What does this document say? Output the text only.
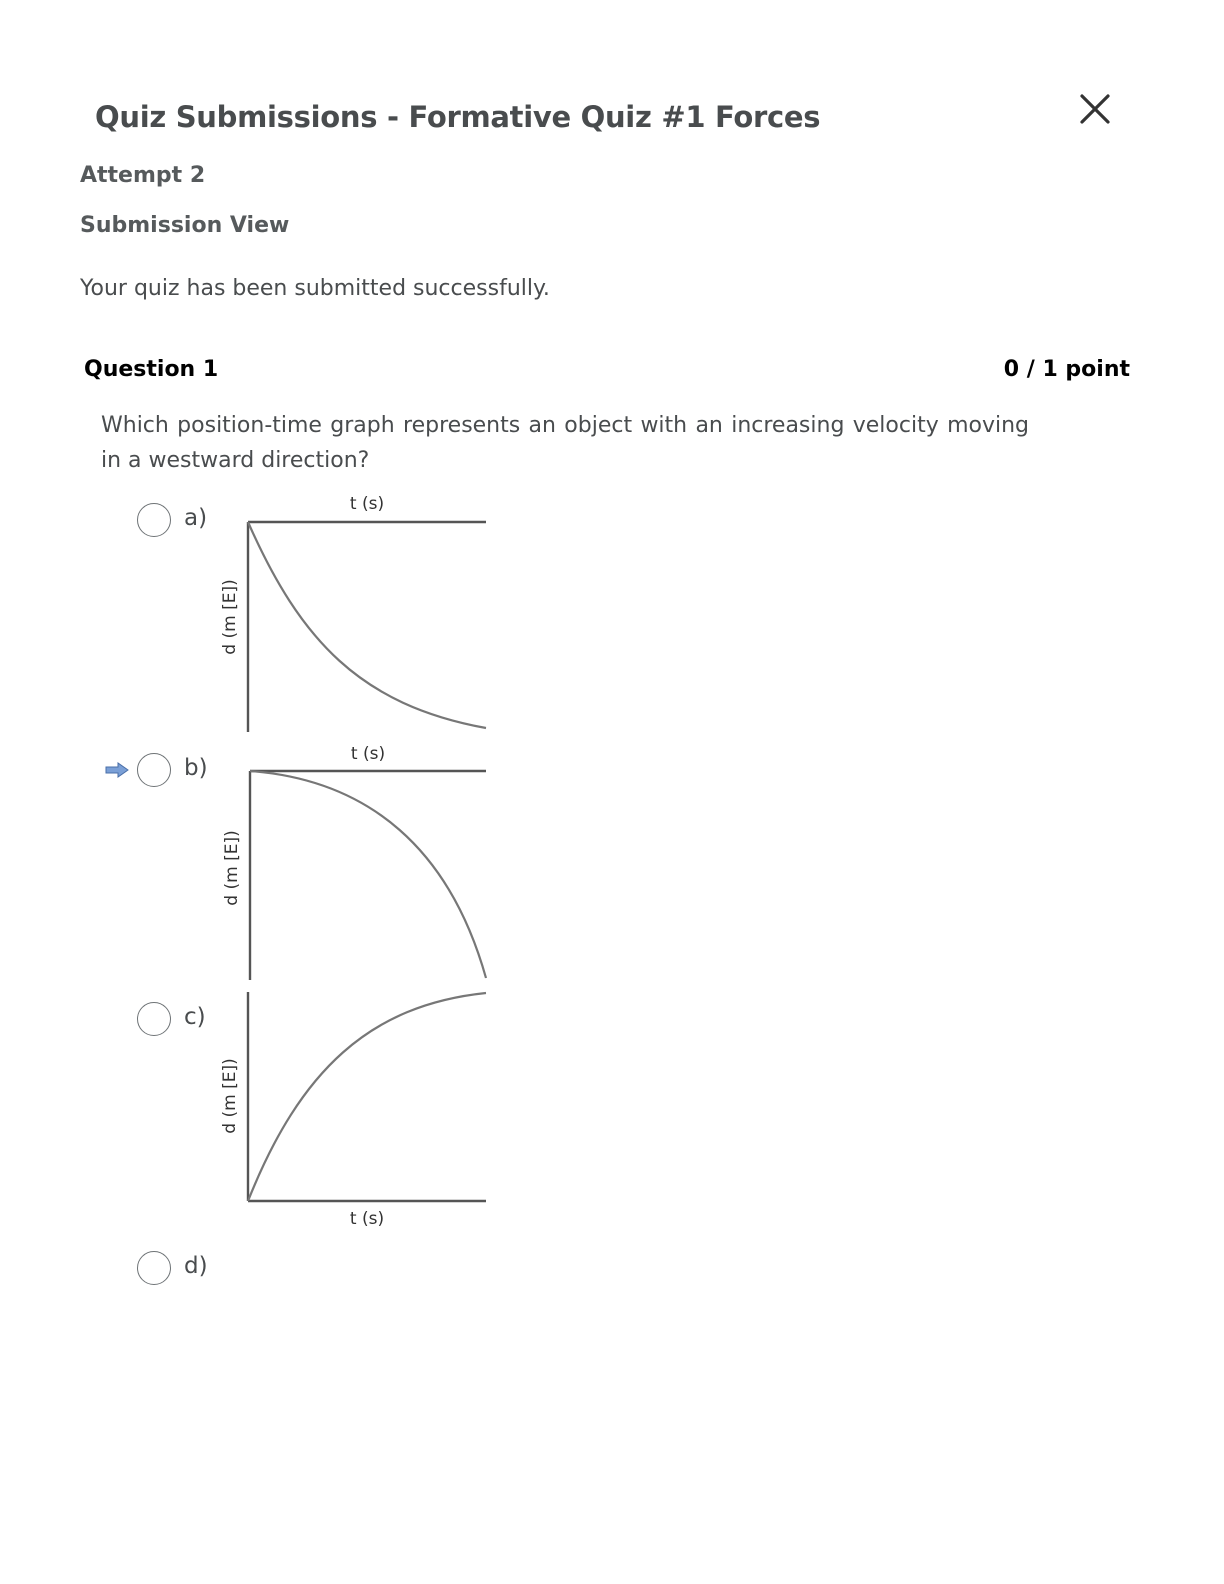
Quiz Submissions - Formative Quiz #1 Forces
Attempt 2
Submission View
Your quiz has been submitted successfully.
Question 1	0 / 1 point
Which position-time graph represents an object with an increasing velocity moving in a westward direction?
a)
t (s)
d (m [E])
b)
t (s)
d (m [E])
c)
d (m [E])
t (s)
d)
